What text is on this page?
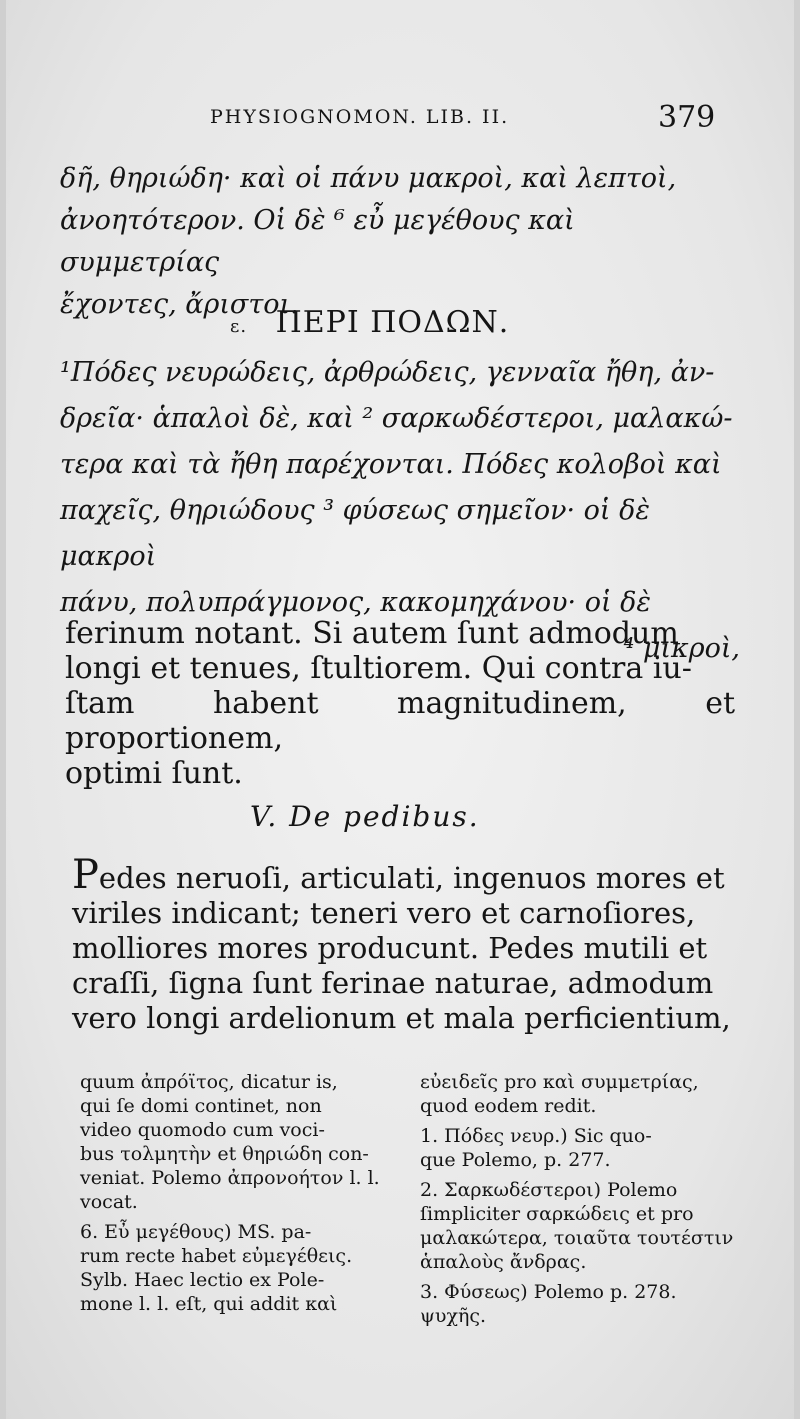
PHYSIOGNOMON. LIB. II.	379
δῆ, θηριώδη· καὶ οἱ πάνυ μακροὶ, καὶ λεπτοὶ,
ἀνοητότερον. Οἱ δὲ ⁶ εὖ μεγέθους καὶ συμμετρίας
ἔχοντες, ἄριστοι.
ε. ΠΕΡΙ ΠΟΔΩΝ.
¹Πόδες νευρώδεις, ἀρθρώδεις, γενναῖα ἤθη, ἀν-
δρεῖα· ἁπαλοὶ δὲ, καὶ ² σαρκωδέστεροι, μαλακώ-
τερα καὶ τὰ ἤθη παρέχονται. Πόδες κολοβοὶ καὶ
παχεῖς, θηριώδους ³ φύσεως σημεῖον· οἱ δὲ μακροὶ
πάνυ, πολυπράγμονος, κακομηχάνου· οἱ δὲ
⁴ μικροὶ,
ferinum notant. Si autem ſunt admodum
longi et tenues, ſtultiorem. Qui contra iu-
ſtam habent magnitudinem, et proportionem,
optimi ſunt.
V. De pedibus.
Pedes neruoſi, articulati, ingenuos mores et
viriles indicant; teneri vero et carnoſiores,
molliores mores producunt. Pedes mutili et
craſſi, ſigna ſunt ferinae naturae, admodum
vero longi ardelionum et mala perficientium,

quum ἀπρόϊτος, dicatur is,
qui ſe domi continet, non
video quomodo cum voci-
bus τολμητὴν et θηριώδη con-
veniat. Polemo ἀπρονοήτον l. l.
vocat.

6. Εὖ μεγέθους) MS. pa-
rum recte habet εὐμεγέθεις.
Sylb. Haec lectio ex Pole-
mone l. l. eſt, qui addit καὶ

εὐειδεῖς pro καὶ συμμετρίας,
quod eodem redit.

1. Πόδες νευρ.) Sic quo-
que Polemo, p. 277.

2. Σαρκωδέστεροι) Polemo
ſimpliciter σαρκώδεις et pro
μαλακώτερα, τοιαῦτα τουτέστιν
ἁπαλοὺς ἄνδρας.

3. Φύσεως) Polemo p. 278.
ψυχῆς.
